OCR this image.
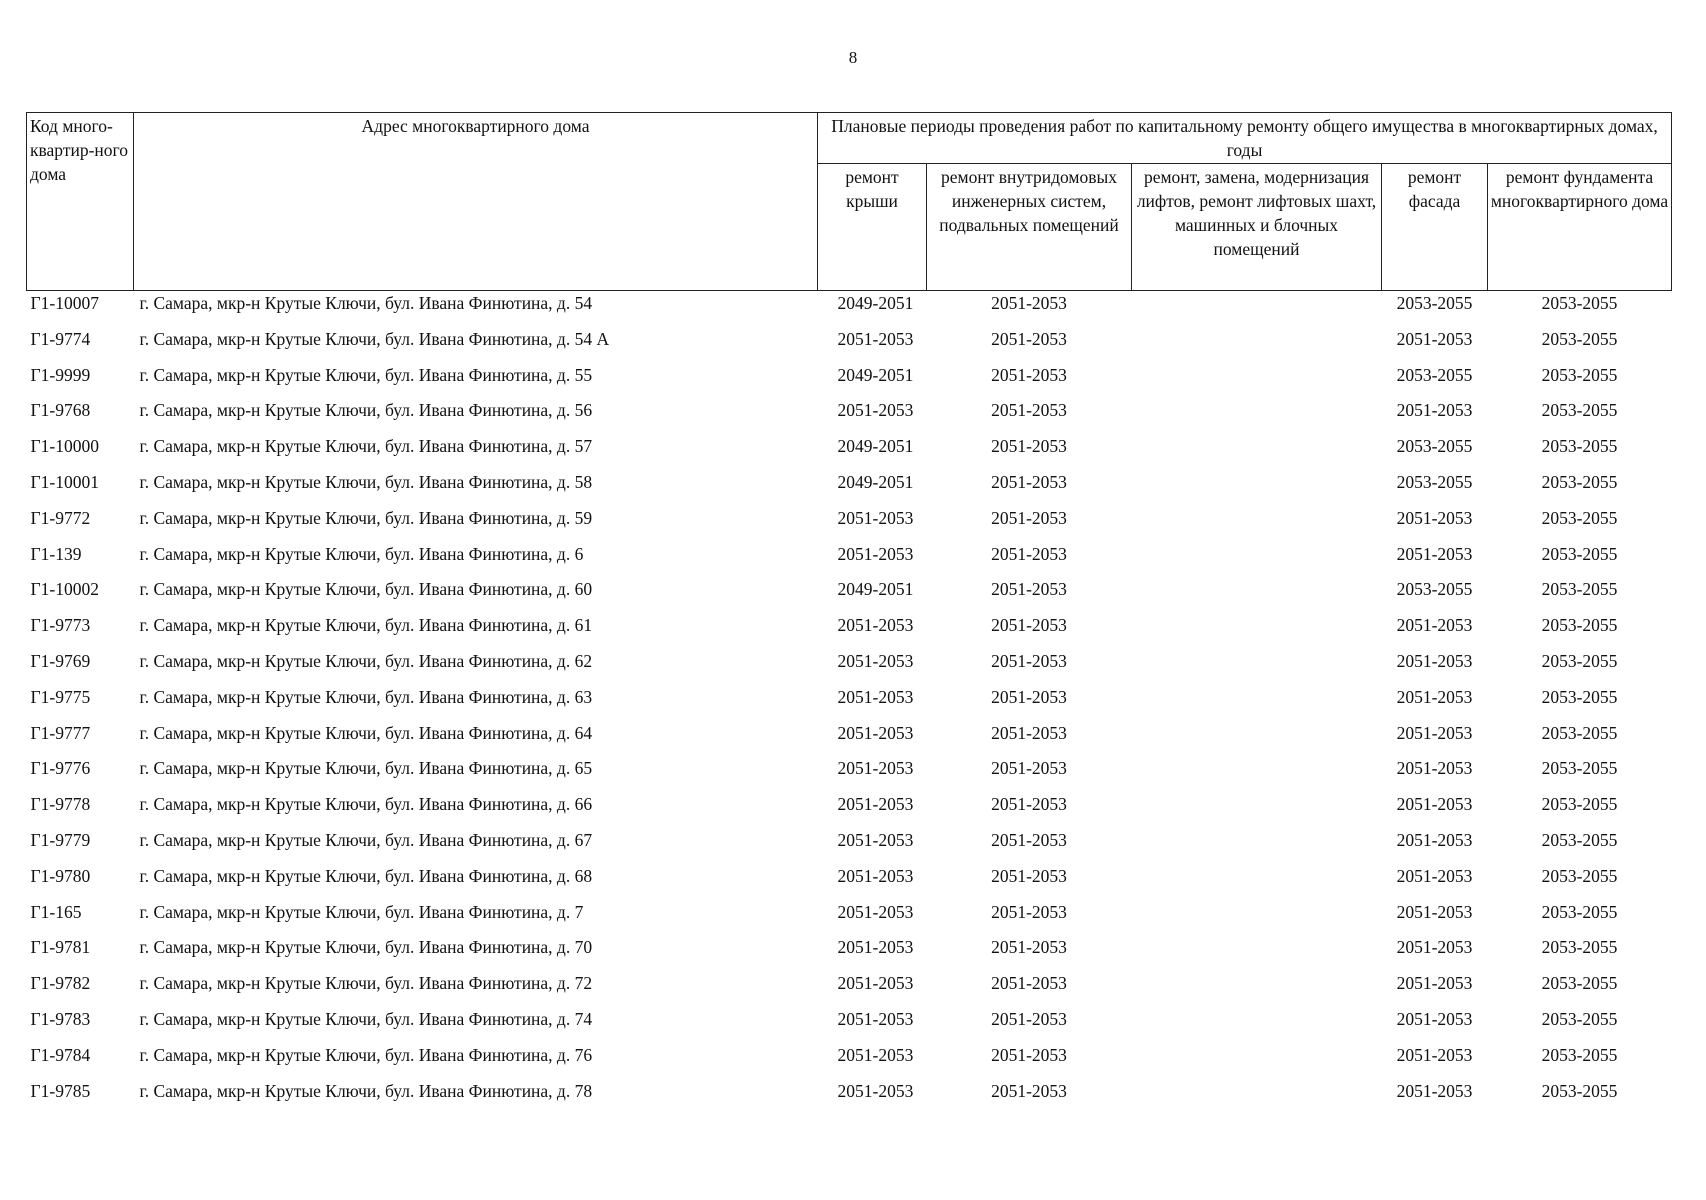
8
Код много-квартир-ного дома	Адрес многоквартирного дома	Плановые периоды проведения работ по капитальному ремонту общего имущества в многоквартирных домах, годы				
		ремонт крыши	ремонт внутридомовых инженерных систем, подвальных помещений	ремонт, замена, модернизация лифтов, ремонт лифтовых шахт, машинных и блочных помещений	ремонт фасада	ремонт фундамента многоквартирного дома
Г1-10007	г. Самара, мкр-н Крутые Ключи, бул. Ивана Финютина, д. 54	2049-2051	2051-2053		2053-2055	2053-2055
Г1-9774	г. Самара, мкр-н Крутые Ключи, бул. Ивана Финютина, д. 54 А	2051-2053	2051-2053		2051-2053	2053-2055
Г1-9999	г. Самара, мкр-н Крутые Ключи, бул. Ивана Финютина, д. 55	2049-2051	2051-2053		2053-2055	2053-2055
Г1-9768	г. Самара, мкр-н Крутые Ключи, бул. Ивана Финютина, д. 56	2051-2053	2051-2053		2051-2053	2053-2055
Г1-10000	г. Самара, мкр-н Крутые Ключи, бул. Ивана Финютина, д. 57	2049-2051	2051-2053		2053-2055	2053-2055
Г1-10001	г. Самара, мкр-н Крутые Ключи, бул. Ивана Финютина, д. 58	2049-2051	2051-2053		2053-2055	2053-2055
Г1-9772	г. Самара, мкр-н Крутые Ключи, бул. Ивана Финютина, д. 59	2051-2053	2051-2053		2051-2053	2053-2055
Г1-139	г. Самара, мкр-н Крутые Ключи, бул. Ивана Финютина, д. 6	2051-2053	2051-2053		2051-2053	2053-2055
Г1-10002	г. Самара, мкр-н Крутые Ключи, бул. Ивана Финютина, д. 60	2049-2051	2051-2053		2053-2055	2053-2055
Г1-9773	г. Самара, мкр-н Крутые Ключи, бул. Ивана Финютина, д. 61	2051-2053	2051-2053		2051-2053	2053-2055
Г1-9769	г. Самара, мкр-н Крутые Ключи, бул. Ивана Финютина, д. 62	2051-2053	2051-2053		2051-2053	2053-2055
Г1-9775	г. Самара, мкр-н Крутые Ключи, бул. Ивана Финютина, д. 63	2051-2053	2051-2053		2051-2053	2053-2055
Г1-9777	г. Самара, мкр-н Крутые Ключи, бул. Ивана Финютина, д. 64	2051-2053	2051-2053		2051-2053	2053-2055
Г1-9776	г. Самара, мкр-н Крутые Ключи, бул. Ивана Финютина, д. 65	2051-2053	2051-2053		2051-2053	2053-2055
Г1-9778	г. Самара, мкр-н Крутые Ключи, бул. Ивана Финютина, д. 66	2051-2053	2051-2053		2051-2053	2053-2055
Г1-9779	г. Самара, мкр-н Крутые Ключи, бул. Ивана Финютина, д. 67	2051-2053	2051-2053		2051-2053	2053-2055
Г1-9780	г. Самара, мкр-н Крутые Ключи, бул. Ивана Финютина, д. 68	2051-2053	2051-2053		2051-2053	2053-2055
Г1-165	г. Самара, мкр-н Крутые Ключи, бул. Ивана Финютина, д. 7	2051-2053	2051-2053		2051-2053	2053-2055
Г1-9781	г. Самара, мкр-н Крутые Ключи, бул. Ивана Финютина, д. 70	2051-2053	2051-2053		2051-2053	2053-2055
Г1-9782	г. Самара, мкр-н Крутые Ключи, бул. Ивана Финютина, д. 72	2051-2053	2051-2053		2051-2053	2053-2055
Г1-9783	г. Самара, мкр-н Крутые Ключи, бул. Ивана Финютина, д. 74	2051-2053	2051-2053		2051-2053	2053-2055
Г1-9784	г. Самара, мкр-н Крутые Ключи, бул. Ивана Финютина, д. 76	2051-2053	2051-2053		2051-2053	2053-2055
Г1-9785	г. Самара, мкр-н Крутые Ключи, бул. Ивана Финютина, д. 78	2051-2053	2051-2053		2051-2053	2053-2055
